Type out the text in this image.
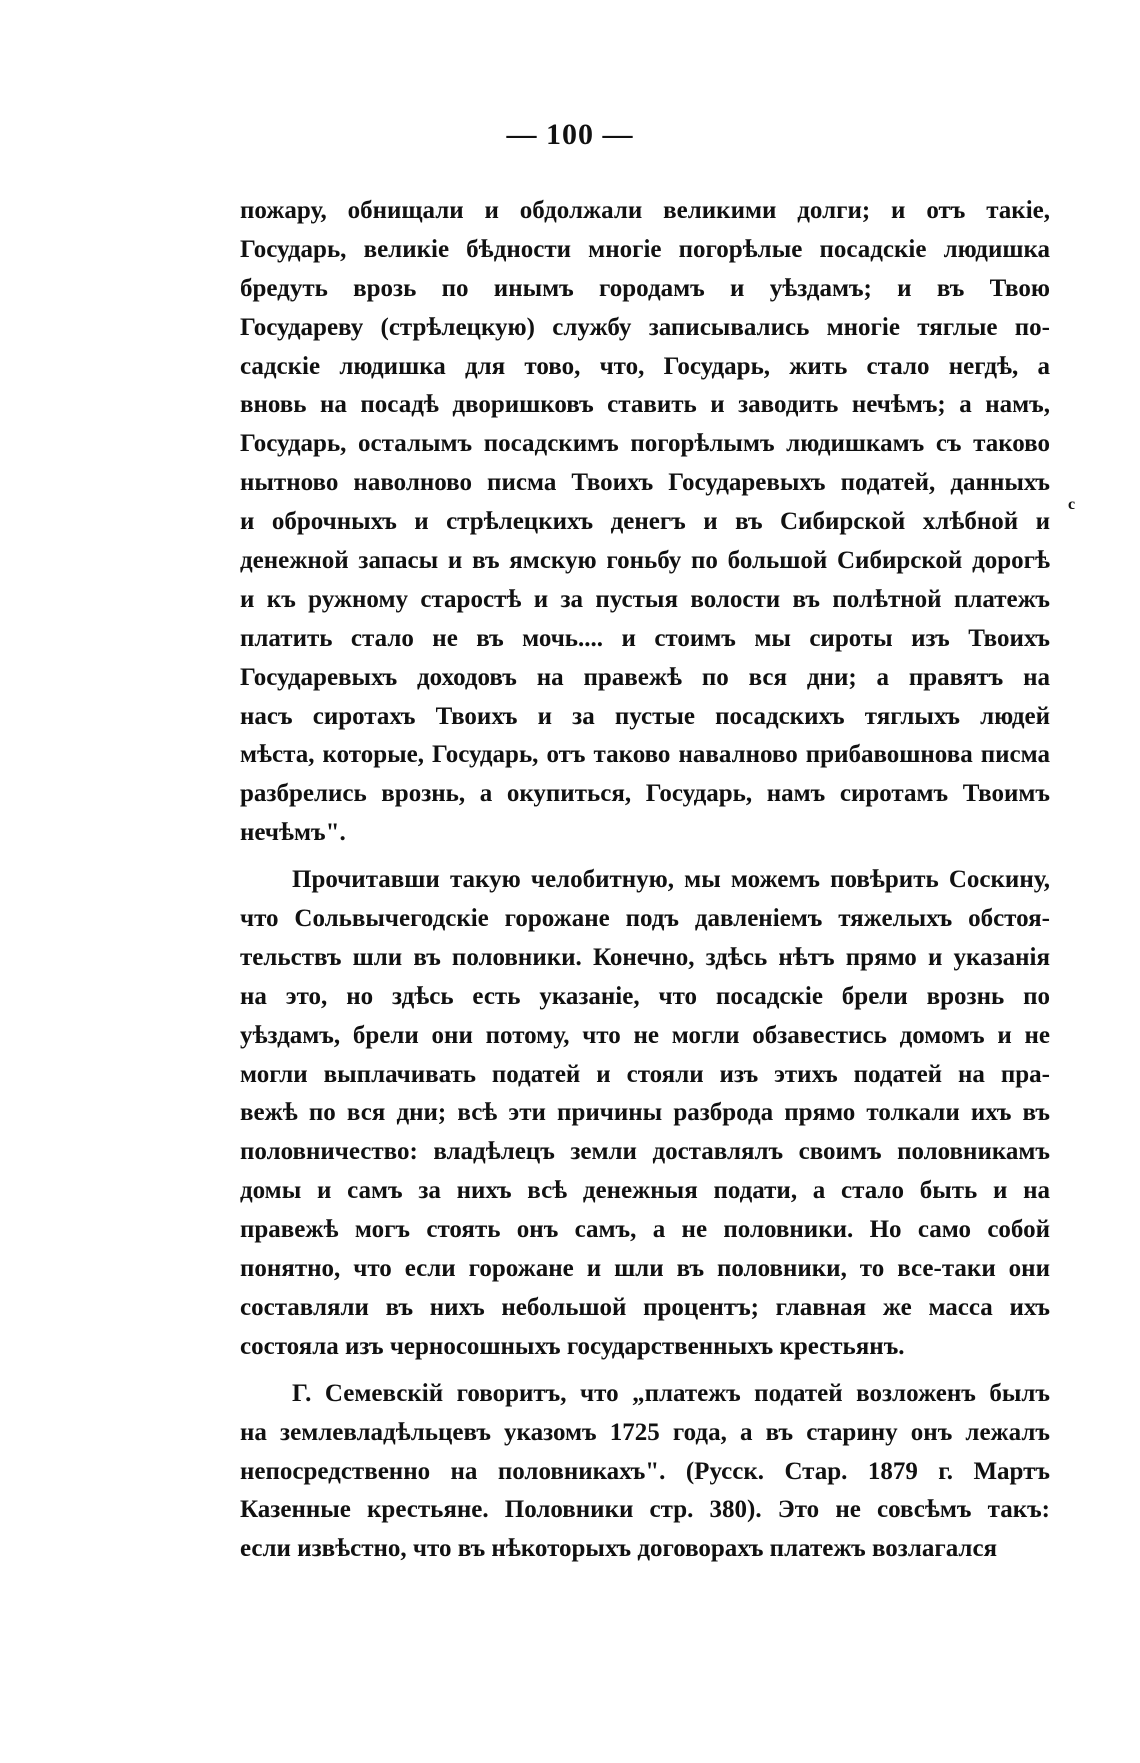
— 100 —
с
пожару, обнищали и обдолжали великими долги; и отъ такіе,
Государь, великіе бѣдности многіе погорѣлые посадскіе людишка
бредуть врозь по инымъ городамъ и уѣздамъ; и въ Твою
Государеву (стрѣлецкую) службу записывались многіе тяглые по-
садскіе людишка для тово, что, Государь, жить стало негдѣ, а
вновь на посадѣ дворишковъ ставить и заводить нечѣмъ; а намъ,
Государь, осталымъ посадскимъ погорѣлымъ людишкамъ съ таково
нытново наволново писма Твоихъ Государевыхъ податей, данныхъ
и оброчныхъ и стрѣлецкихъ денегъ и въ Сибирской хлѣбной и
денежной запасы и въ ямскую гоньбу по большой Сибирской дорогѣ
и къ ружному старостѣ и за пустыя волости въ полѣтной платежъ
платить стало не въ мочь.... и стоимъ мы сироты изъ Твоихъ
Государевыхъ доходовъ на правежѣ по вся дни; а правятъ на
насъ сиротахъ Твоихъ и за пустые посадскихъ тяглыхъ людей
мѣста, которые, Государь, отъ таково навалново прибавошнова писма
разбрелись врознь, а окупиться, Государь, намъ сиротамъ Твоимъ
нечѣмъ".
Прочитавши такую челобитную, мы можемъ повѣрить Соскину,
что Сольвычегодскіе горожане подъ давленіемъ тяжелыхъ обстоя-
тельствъ шли въ половники. Конечно, здѣсь нѣтъ прямо и указанія
на это, но здѣсь есть указаніе, что посадскіе брели врознь по
уѣздамъ, брели они потому, что не могли обзавестись домомъ и не
могли выплачивать податей и стояли изъ этихъ податей на пра-
вежѣ по вся дни; всѣ эти причины разброда прямо толкали ихъ въ
половничество: владѣлецъ земли доставлялъ своимъ половникамъ
домы и самъ за нихъ всѣ денежныя подати, а стало быть и на
правежѣ могъ стоять онъ самъ, а не половники. Но само собой
понятно, что если горожане и шли въ половники, то все-таки они
составляли въ нихъ небольшой процентъ; главная же масса ихъ
состояла изъ черносошныхъ государственныхъ крестьянъ.
Г. Семевскій говоритъ, что „платежъ податей возложенъ былъ
на землевладѣльцевъ указомъ 1725 года, а въ старину онъ лежалъ
непосредственно на половникахъ". (Русск. Стар. 1879 г. Мартъ
Казенные крестьяне. Половники стр. 380). Это не совсѣмъ такъ:
если извѣстно, что въ нѣкоторыхъ договорахъ платежъ возлагался
